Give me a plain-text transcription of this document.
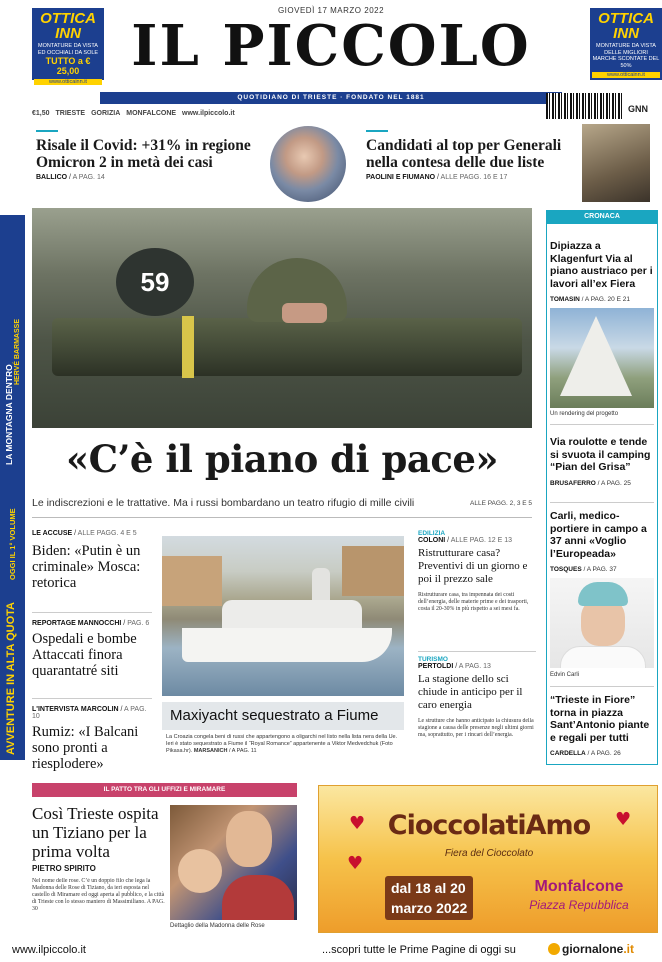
OTTICA INN
MONTATURE DA VISTA ED OCCHIALI DA SOLE
TUTTO a € 25,00
www.otticainn.it
OTTICA INN
MONTATURE DA VISTA DELLE MIGLIORI MARCHE SCONTATE DEL 50%
www.otticainn.it
GIOVEDÌ 17 MARZO 2022
IL PICCOLO
QUOTIDIANO DI TRIESTE · FONDATO NEL 1881
€1,50 TRIESTE GORIZIA MONFALCONE www.ilpiccolo.it	GNN
Risale il Covid: +31% in regione Omicron 2 in metà dei casi
BALLICO / A PAG. 14
Candidati al top per Generali nella contesa delle due liste
PAOLINI E FIUMANO / ALLE PAGG. 16 E 17
LA MONTAGNA DENTRO
HERVÉ BARMASSE
OGGI IL 1° VOLUME
AVVENTURE IN ALTA QUOTA
59
«C’è il piano di pace»
Le indiscrezioni e le trattative. Ma i russi bombardano un teatro rifugio di mille civili	ALLE PAGG. 2, 3 E 5
LE ACCUSE / ALLE PAGG. 4 E 5
Biden: «Putin è un criminale» Mosca: retorica
REPORTAGE MANNOCCHI / PAG. 6
Ospedali e bombe Attaccati finora quarantatré siti
L'INTERVISTA MARCOLIN / A PAG. 10
Rumiz: «I Balcani sono pronti a riesplodere»
Maxiyacht sequestrato a Fiume
La Croazia congela beni di russi che appartengono a oligarchi nel listo nella lista nera della Ue. Ieri è stato sequestrato a Fiume il “Royal Romance” appartenente a Viktor Medvedchuk (Foto Pikasa.hr). MARSANICH / A PAG. 11
EDILIZIA
COLONI / ALLE PAG. 12 E 13
Ristrutturare casa? Preventivi di un giorno e poi il prezzo sale
Ristrutturare casa, tra impennata dei costi dell’energia, delle materie prime e dei trasporti, costa il 20-30% in più rispetto a sei mesi fa.
TURISMO
PERTOLDI / A PAG. 13
La stagione dello sci chiude in anticipo per il caro energia
Le strutture che hanno anticipato la chiusura della stagione a causa delle presenze negli ultimi giorni ma, soprattutto, per i rincari dell’energia.
CRONACA
Dipiazza a Klagenfurt Via al piano austriaco per i lavori all’ex Fiera
TOMASIN / A PAG. 20 E 21
Un rendering del progetto
Via roulotte e tende si svuota il camping “Pian del Grisa”
BRUSAFERRO / A PAG. 25
Carli, medico-portiere in campo a 37 anni «Voglio l’Europeada»
TOSQUES / A PAG. 37
Edvin Carli
“Trieste in Fiore” torna in piazza Sant’Antonio piante e regali per tutti
CARDELLA / A PAG. 26
IL PATTO TRA GLI UFFIZI E MIRAMARE
Così Trieste ospita un Tiziano per la prima volta
PIETRO SPIRITO
Nel nome delle rose. C’è un doppio filo che lega la Madonna delle Rose di Tiziano, da ieri esposta nel castello di Miramare ed oggi aperta al pubblico, e la città di Trieste con lo stesso maniero di Massimiliano. A PAG. 30
Dettaglio della Madonna delle Rose
♥	♥
♥
CioccolatiAmo
Fiera del Cioccolato
dal 18 al 20
marzo 2022
Monfalcone
Piazza Repubblica
www.ilpiccolo.it	...scopri tutte le Prime Pagine di oggi su	giornalone.it
